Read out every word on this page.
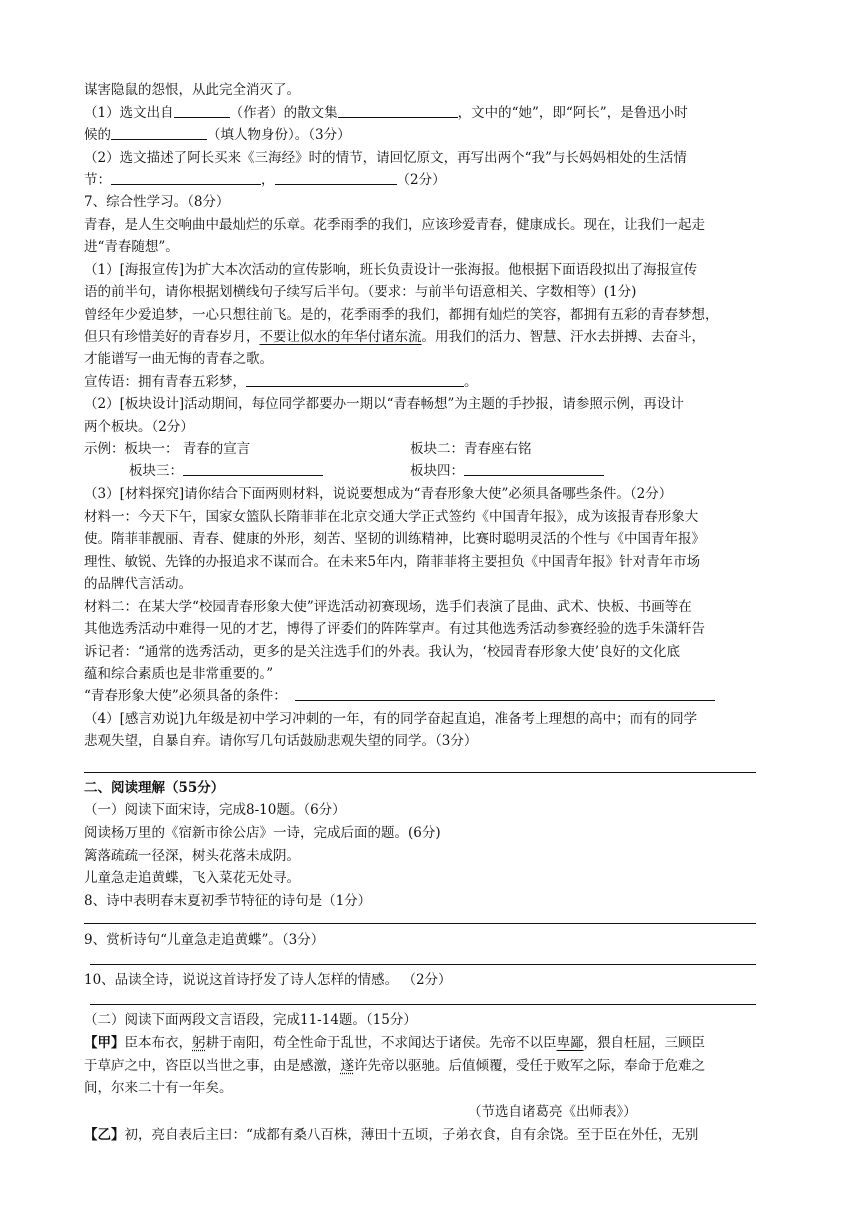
谋害隐鼠的怨恨，从此完全消灭了。
（1）选文出自	（作者）的散文集	，文中的“她”，即“阿长”，是鲁迅小时
候的	（填人物身份）。（3分）
（2）选文描述了阿长买来《三海经》时的情节，请回忆原文，再写出两个“我”与长妈妈相处的生活情
节：	，	（2分）
7、综合性学习。（8分）
青春，是人生交响曲中最灿烂的乐章。花季雨季的我们，应该珍爱青春，健康成长。现在，让我们一起走
进“青春随想”。
（1）[海报宣传]为扩大本次活动的宣传影响，班长负责设计一张海报。他根据下面语段拟出了海报宣传
语的前半句，请你根据划横线句子续写后半句。（要求：与前半句语意相关、字数相等）(1分)
曾经年少爱追梦，一心只想往前飞。是的，花季雨季的我们，都拥有灿烂的笑容，都拥有五彩的青春梦想，
但只有珍惜美好的青春岁月，不要让似水的年华付诸东流。用我们的活力、智慧、汗水去拼搏、去奋斗，
才能谱写一曲无悔的青春之歌。
宣传语：拥有青春五彩梦，	。
（2）[板块设计]活动期间，每位同学都要办一期以“青春畅想”为主题的手抄报，请参照示例，再设计
两个板块。（2分）
示例：板块一： 青春的宣言	板块二：青春座右铭
板块三：	板块四：
（3）[材料探究]请你结合下面两则材料，说说要想成为“青春形象大使”必须具备哪些条件。（2分）
材料一：今天下午，国家女篮队长隋菲菲在北京交通大学正式签约《中国青年报》，成为该报青春形象大
使。隋菲菲靓丽、青春、健康的外形，刻苦、坚韧的训练精神，比赛时聪明灵活的个性与《中国青年报》
理性、敏锐、先锋的办报追求不谋而合。在未来5年内，隋菲菲将主要担负《中国青年报》针对青年市场
的品牌代言活动。
材料二：在某大学“校园青春形象大使”评选活动初赛现场，选手们表演了昆曲、武术、快板、书画等在
其他选秀活动中难得一见的才艺，博得了评委们的阵阵掌声。有过其他选秀活动参赛经验的选手朱潇轩告
诉记者：“通常的选秀活动，更多的是关注选手们的外表。我认为，‘校园青春形象大使’良好的文化底
蕴和综合素质也是非常重要的。”
“青春形象大使”必须具备的条件：
（4）[感言劝说]九年级是初中学习冲刺的一年，有的同学奋起直追，准备考上理想的高中；而有的同学
悲观失望，自暴自弃。请你写几句话鼓励悲观失望的同学。（3分）
二、阅读理解（55分）
（一）阅读下面宋诗，完成8-10题。（6分）
阅读杨万里的《宿新市徐公店》一诗，完成后面的题。(6分)
篱落疏疏一径深，树头花落未成阴。
儿童急走追黄蝶，飞入菜花无处寻。
8、诗中表明春末夏初季节特征的诗句是（1分）
9、赏析诗句“儿童急走追黄蝶”。（3分）
10、品读全诗，说说这首诗抒发了诗人怎样的情感。 （2分）
（二）阅读下面两段文言语段，完成11-14题。（15分）
【甲】臣本布衣，躬耕于南阳，苟全性命于乱世，不求闻达于诸侯。先帝不以臣卑鄙，猥自枉屈，三顾臣
于草庐之中，咨臣以当世之事，由是感激，遂许先帝以驱驰。后值倾覆，受任于败军之际，奉命于危难之
间，尔来二十有一年矣。
（节选自诸葛亮《出师表》）
【乙】初，亮自表后主曰：“成都有桑八百株，薄田十五顷，子弟衣食，自有余饶。至于臣在外任，无别
